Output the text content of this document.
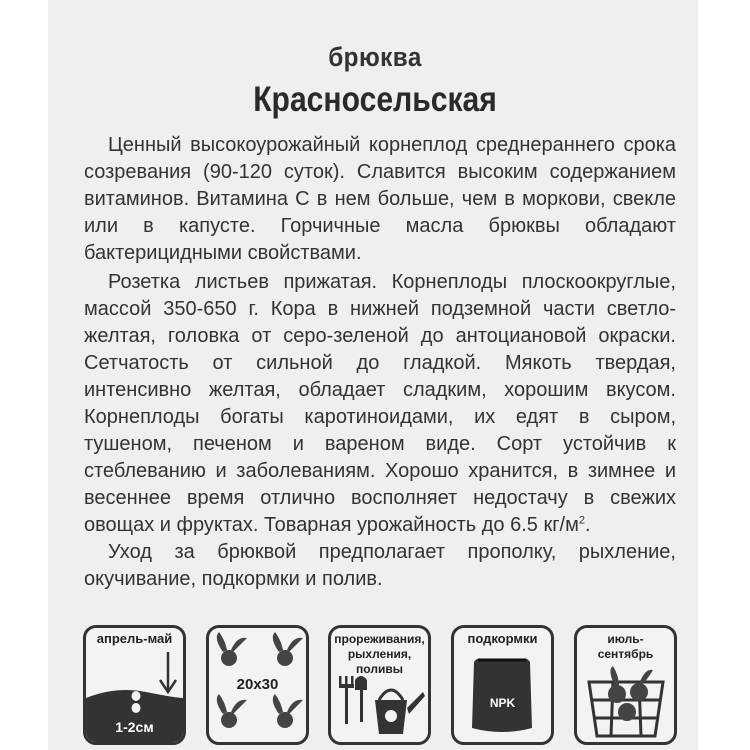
брюква
Красносельская

Ценный высокоурожайный корнеплод среднераннего срока созревания (90-120 суток). Славится высоким содержанием витаминов. Витамина С в нем больше, чем в моркови, свекле или в капусте. Горчичные масла брюквы обладают бактерицидными свойствами.

Розетка листьев прижатая. Корнеплоды плоскоокруглые, массой 350-650 г. Кора в нижней подземной части светло-желтая, головка от серо-зеленой до антоциановой окраски. Сетчатость от сильной до гладкой. Мякоть твердая, интенсивно желтая, обладает сладким, хорошим вкусом. Корнеплоды богаты каротиноидами, их едят в сыром, тушеном, печеном и вареном виде. Сорт устойчив к стеблеванию и заболеваниям. Хорошо хранится, в зимнее и весеннее время отлично восполняет недостачу в свежих овощах и фруктах. Товарная урожайность до 6.5 $кг/м^2$.

Уход за брюквой предполагает прополку, рыхление, окучивание, подкормки и полив.

апрель-май
1-2см
20x30
прореживания, рыхления, поливы
подкормки
NPK
июль-сентябрь
